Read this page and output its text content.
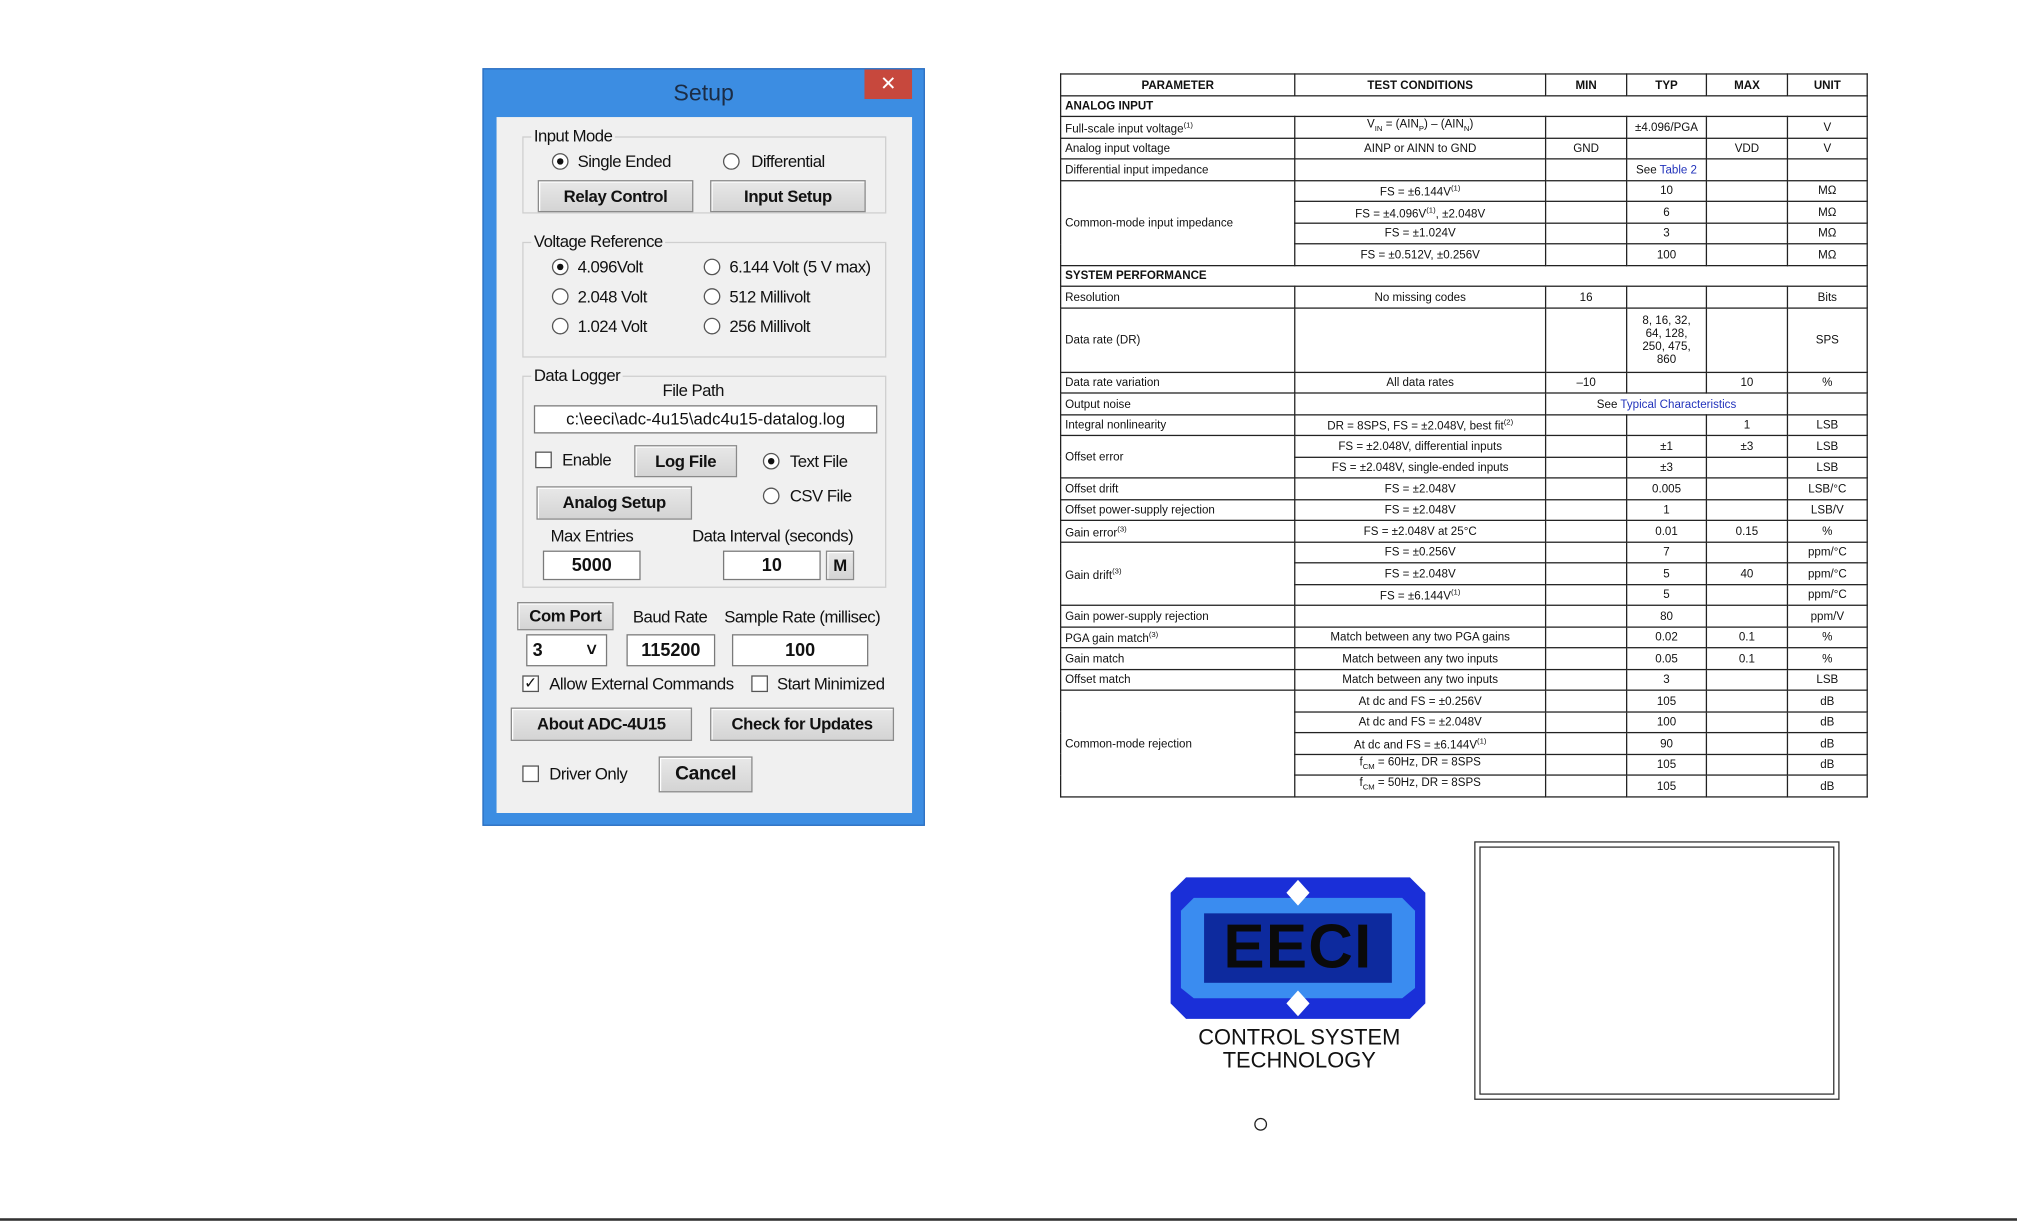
Setup	✕
Input Mode
Single Ended	Differential
Relay Control	Input Setup
Voltage Reference
4.096Volt	6.144 Volt (5 V max)
2.048 Volt	512 Millivolt
1.024 Volt	256 Millivolt
Data Logger
File Path
c:\eeci\adc-4u15\adc4u15-datalog.log
Enable	Log File	Text File
Analog Setup	CSV File
Max Entries	Data Interval (seconds)
5000	10	M
Com Port	Baud Rate Sample Rate (millisec)
3	˅	115200	100
✓ Allow External Commands	Start Minimized
About ADC-4U15	Check for Updates
Driver Only	Cancel
PARAMETER	TEST CONDITIONS	MIN	TYP	MAX	UNIT
ANALOG INPUT					
Full-scale input voltage$^{(1)}$	$V_{IN} = (AIN_P) - (AIN_N)$		±4.096/PGA		V
Analog input voltage	AINP or AINN to GND	GND		VDD	V
Differential input impedance			See Table 2		
Common-mode input impedance	FS = $\pm 6.144V^{(1)}$		10		MΩ
	FS = $\pm 4.096V^{(1)}$, ±2.048V		6		MΩ
	FS = ±1.024V		3		MΩ
	FS = ±0.512V, ±0.256V		100		MΩ
SYSTEM PERFORMANCE					
Resolution	No missing codes	16			Bits
Data rate (DR)			8, 16, 32,
64, 128,
250, 475,
860		SPS
Data rate variation	All data rates	–10		10	%
Output noise		See Typical Characteristics			
Integral nonlinearity	DR = 8SPS, FS = ±2.048V, best fit$^{(2)}$			1	LSB
Offset error	FS = ±2.048V, differential inputs		±1	±3	LSB
	FS = ±2.048V, single-ended inputs		±3		LSB
Offset drift	FS = ±2.048V		0.005		LSB/°C
Offset power-supply rejection	FS = ±2.048V		1		LSB/V
Gain error$^{(3)}$	FS = ±2.048V at 25°C		0.01	0.15	%
Gain drift$^{(3)}$	FS = ±0.256V		7		ppm/°C
	FS = ±2.048V		5	40	ppm/°C
	FS = $\pm 6.144V^{(1)}$		5		ppm/°C
Gain power-supply rejection			80		ppm/V
PGA gain match$^{(3)}$	Match between any two PGA gains		0.02	0.1	%
Gain match	Match between any two inputs		0.05	0.1	%
Offset match	Match between any two inputs		3		LSB
Common-mode rejection	At dc and FS = ±0.256V		105		dB
	At dc and FS = ±2.048V		100		dB
	At dc and FS = $\pm 6.144V^{(1)}$		90		dB
	$f_{CM} = 60Hz$, DR = 8SPS		105		dB
	$f_{CM} = 50Hz$, DR = 8SPS		105		dB
EECI
CONTROL SYSTEM
TECHNOLOGY
